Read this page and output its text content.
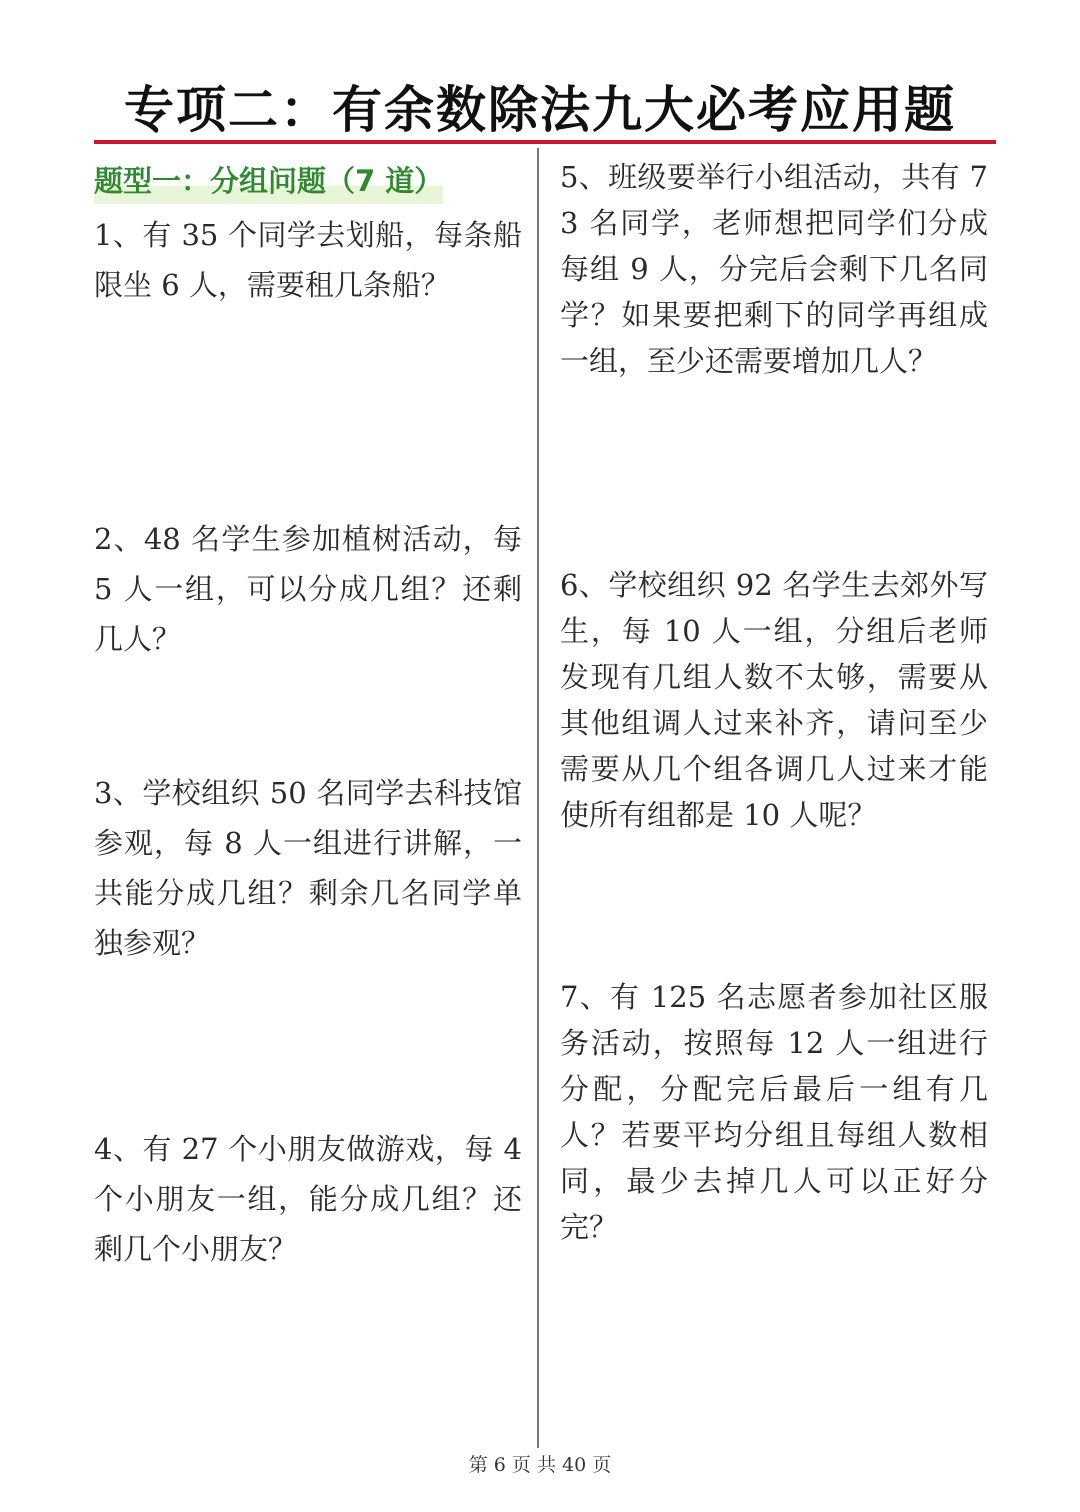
专项二：有余数除法九大必考应用题
题型一：分组问题（7 道）
1、有 35 个同学去划船，每条船限坐 6 人，需要租几条船？
2、48 名学生参加植树活动，每 5 人一组，可以分成几组？还剩几人？
3、学校组织 50 名同学去科技馆参观，每 8 人一组进行讲解，一共能分成几组？剩余几名同学单独参观？
4、有 27 个小朋友做游戏，每 4 个小朋友一组，能分成几组？还剩几个小朋友？
5、班级要举行小组活动，共有 73 名同学，老师想把同学们分成每组 9 人，分完后会剩下几名同学？如果要把剩下的同学再组成一组，至少还需要增加几人？
6、学校组织 92 名学生去郊外写生，每 10 人一组，分组后老师发现有几组人数不太够，需要从其他组调人过来补齐，请问至少需要从几个组各调几人过来才能使所有组都是 10 人呢？
7、有 125 名志愿者参加社区服务活动，按照每 12 人一组进行分配，分配完后最后一组有几人？若要平均分组且每组人数相同，最少去掉几人可以正好分完？
第 6 页 共 40 页
